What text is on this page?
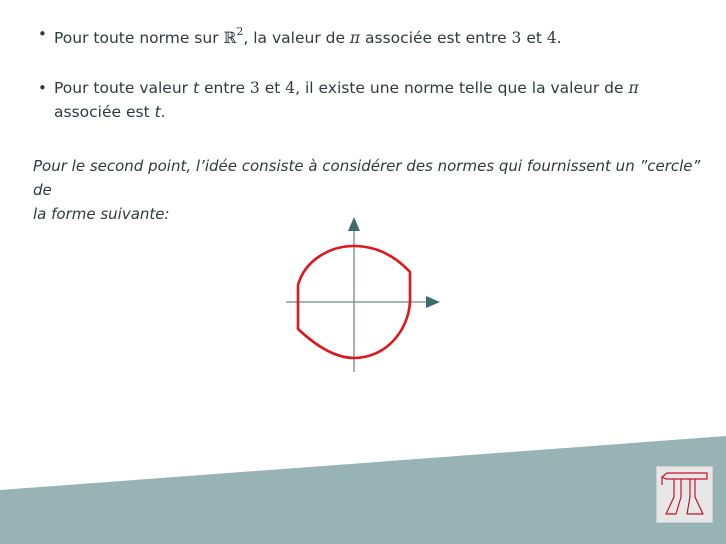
• Pour toute norme sur ℝ$^2$, la valeur de π associée est entre 3 et 4.
• Pour toute valeur t entre 3 et 4, il existe une norme telle que la valeur de π
associée est t.
Pour le second point, l’idée consiste à considérer des normes qui fournissent un ”cercle” de
la forme suivante:
